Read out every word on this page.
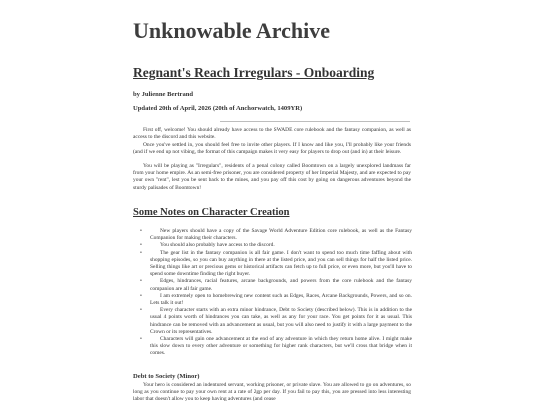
Unknowable Archive
Regnant's Reach Irregulars - Onboarding
by Julienne Bertrand
Updated 20th of April, 2026 (20th of Anchorwatch, 1409YR)

First off, welcome! You should already have access to the SWADE core rulebook and the fantasy companion, as well as access to the discord and this website.

Once you've settled in, you should feel free to invite other players. If I know and like you, I'll probably like your friends (and if we end up not vibing, the format of this campaign makes it very easy for players to drop out (and in) at their leisure.

You will be playing as "Irregulars", residents of a penal colony called Boomtown on a largely unexplored landmass far from your home empire. As an semi-free prisoner, you are considered property of her Imperial Majesty, and are expected to pay your own "rent", lest you be sent back to the mines, and you pay off this cost by going on dangerous adventures beyond the sturdy palisades of Boomtown!

Some Notes on Character Creation
•	New players should have a copy of the Savage World Adventure Edition core rulebook, as well as the Fantasy Companion for making their characters.
•	You should also probably have access to the discord.
•	The gear list in the fantasy companion is all fair game. I don't want to spend too much time faffing about with shopping episodes, so you can buy anything in there at the listed price, and you can sell things for half the listed price. Selling things like art or precious gems or historical artifacts can fetch up to full price, or even more, but you'll have to spend some downtime finding the right buyer.
•	Edges, hindrances, racial features, arcane backgrounds, and powers from the core rulebook and the fantasy companion are all fair game.
•	I am extremely open to homebrewing new content such as Edges, Races, Arcane Backgrounds, Powers, and so on. Lets talk it out!
•	Every character starts with an extra minor hindrance, Debt to Society (described below). This is in addition to the usual 4 points worth of hindrances you can take, as well as any for your race. You get points for it as usual. This hindrance can be removed with an advancement as usual, but you will also need to justify it with a large payment to the Crown or its representatives.
•	Characters will gain one advancement at the end of any adventure in which they return home alive. I might make this slow down to every other adventure or something for higher rank characters, but we'll cross that bridge when it comes.
Debt to Society (Minor)

Your hero is considered an indentured servant, working prisoner, or private slave. You are allowed to go on adventures, so long as you continue to pay your own rent at a rate of 2gp per day. If you fail to pay this, you are pressed into less interesting labor that doesn't allow you to keep having adventures (and cease
